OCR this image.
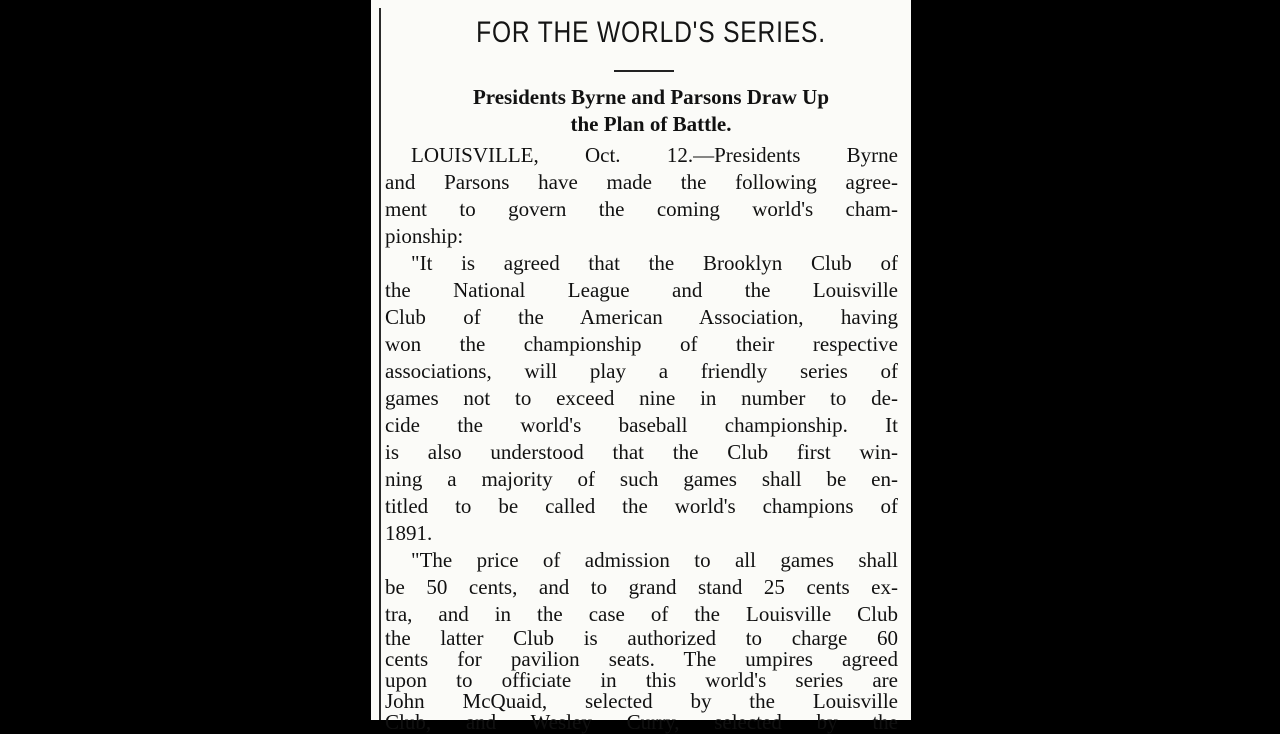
FOR THE WORLD'S SERIES.
Presidents Byrne and Parsons Draw Up
the Plan of Battle.
LOUISVILLE, Oct. 12.—Presidents Byrne
and Parsons have made the following agree-
ment to govern the coming world's cham-
pionship:
"It is agreed that the Brooklyn Club of
the National League and the Louisville
Club of the American Association, having
won the championship of their respective
associations, will play a friendly series of
games not to exceed nine in number to de-
cide the world's baseball championship. It
is also understood that the Club first win-
ning a majority of such games shall be en-
titled to be called the world's champions of
1891.
"The price of admission to all games shall
be 50 cents, and to grand stand 25 cents ex-
tra, and in the case of the Louisville Club
the latter Club is authorized to charge 60
cents for pavilion seats. The umpires agreed
upon to officiate in this world's series are
John McQuaid, selected by the Louisville
Club, and Wesley Curry, selected by the
